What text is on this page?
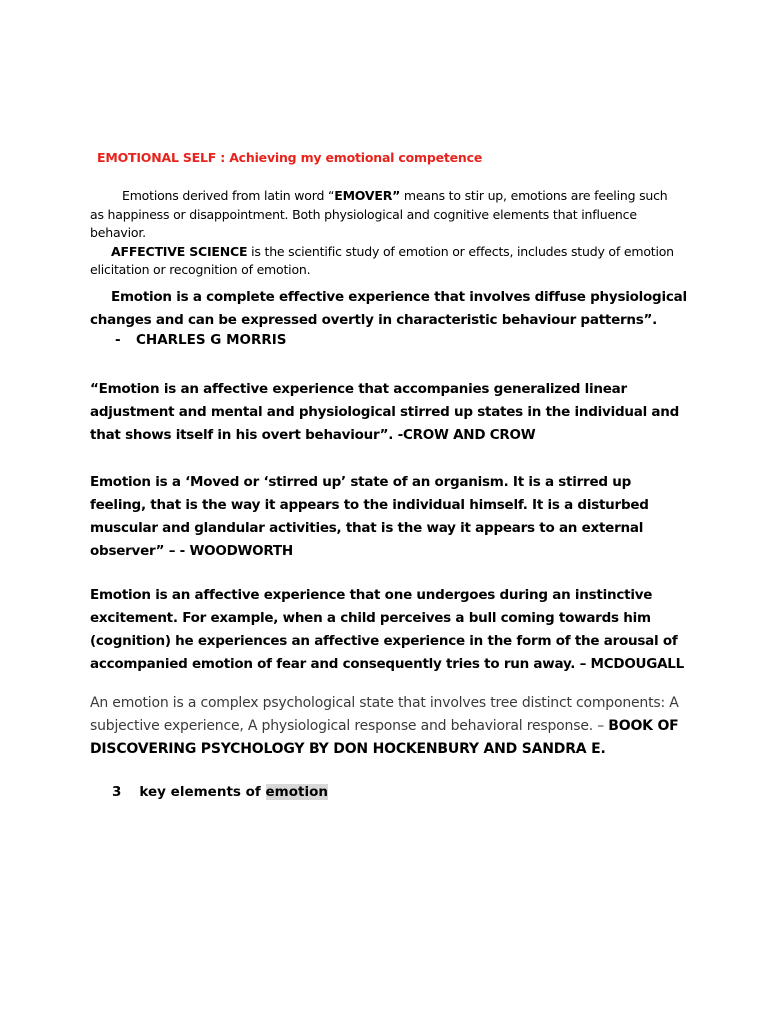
EMOTIONAL SELF : Achieving my emotional competence

Emotions derived from latin word “EMOVER” means to stir up, emotions are feeling such as happiness or disappointment. Both physiological and cognitive elements that influence behavior.
AFFECTIVE SCIENCE is the scientific study of emotion or effects, includes study of emotion elicitation or recognition of emotion.

Emotion is a complete effective experience that involves diffuse physiological changes and can be expressed overtly in characteristic behaviour patterns”.

- CHARLES G MORRIS

“Emotion is an affective experience that accompanies generalized linear adjustment and mental and physiological stirred up states in the individual and that shows itself in his overt behaviour”. -CROW AND CROW

Emotion is a ‘Moved or ‘stirred up’ state of an organism. It is a stirred up feeling, that is the way it appears to the individual himself. It is a disturbed muscular and glandular activities, that is the way it appears to an external observer” – - WOODWORTH

Emotion is an affective experience that one undergoes during an instinctive excitement. For example, when a child perceives a bull coming towards him (cognition) he experiences an affective experience in the form of the arousal of accompanied emotion of fear and consequently tries to run away. – MCDOUGALL

An emotion is a complex psychological state that involves tree distinct components: A subjective experience, A physiological response and behavioral response. – BOOK OF DISCOVERING PSYCHOLOGY BY DON HOCKENBURY AND SANDRA E.

3 key elements of emotion
